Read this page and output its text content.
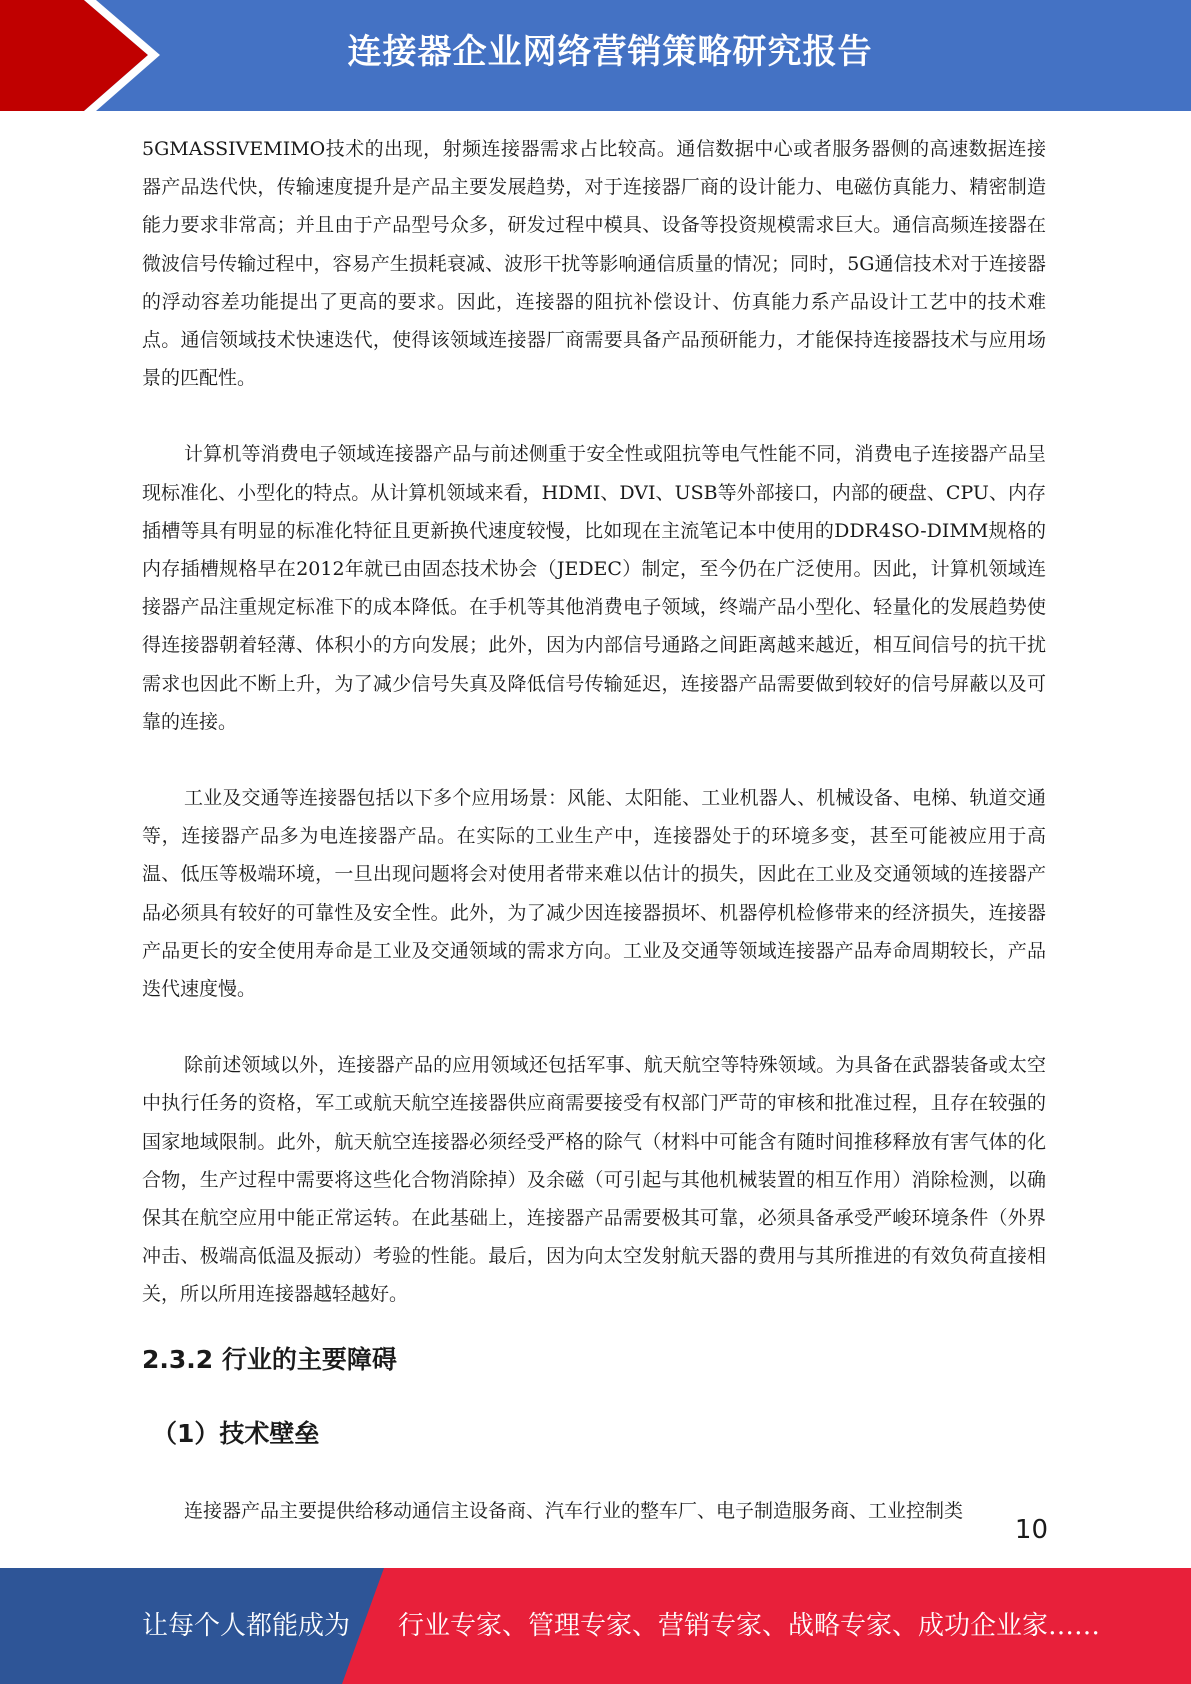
连接器企业网络营销策略研究报告

5GMASSIVEMIMO技术的出现，射频连接器需求占比较高。通信数据中心或者服务器侧的高速数据连接器产品迭代快，传输速度提升是产品主要发展趋势，对于连接器厂商的设计能力、电磁仿真能力、精密制造能力要求非常高；并且由于产品型号众多，研发过程中模具、设备等投资规模需求巨大。通信高频连接器在微波信号传输过程中，容易产生损耗衰减、波形干扰等影响通信质量的情况；同时，5G通信技术对于连接器的浮动容差功能提出了更高的要求。因此，连接器的阻抗补偿设计、仿真能力系产品设计工艺中的技术难点。通信领域技术快速迭代，使得该领域连接器厂商需要具备产品预研能力，才能保持连接器技术与应用场景的匹配性。

计算机等消费电子领域连接器产品与前述侧重于安全性或阻抗等电气性能不同，消费电子连接器产品呈现标准化、小型化的特点。从计算机领域来看，HDMI、DVI、USB等外部接口，内部的硬盘、CPU、内存插槽等具有明显的标准化特征且更新换代速度较慢，比如现在主流笔记本中使用的DDR4SO-DIMM规格的内存插槽规格早在2012年就已由固态技术协会（JEDEC）制定，至今仍在广泛使用。因此，计算机领域连接器产品注重规定标准下的成本降低。在手机等其他消费电子领域，终端产品小型化、轻量化的发展趋势使得连接器朝着轻薄、体积小的方向发展；此外，因为内部信号通路之间距离越来越近，相互间信号的抗干扰需求也因此不断上升，为了减少信号失真及降低信号传输延迟，连接器产品需要做到较好的信号屏蔽以及可靠的连接。

工业及交通等连接器包括以下多个应用场景：风能、太阳能、工业机器人、机械设备、电梯、轨道交通等，连接器产品多为电连接器产品。在实际的工业生产中，连接器处于的环境多变，甚至可能被应用于高温、低压等极端环境，一旦出现问题将会对使用者带来难以估计的损失，因此在工业及交通领域的连接器产品必须具有较好的可靠性及安全性。此外，为了减少因连接器损坏、机器停机检修带来的经济损失，连接器产品更长的安全使用寿命是工业及交通领域的需求方向。工业及交通等领域连接器产品寿命周期较长，产品迭代速度慢。

除前述领域以外，连接器产品的应用领域还包括军事、航天航空等特殊领域。为具备在武器装备或太空中执行任务的资格，军工或航天航空连接器供应商需要接受有权部门严苛的审核和批准过程，且存在较强的国家地域限制。此外，航天航空连接器必须经受严格的除气（材料中可能含有随时间推移释放有害气体的化合物，生产过程中需要将这些化合物消除掉）及余磁（可引起与其他机械装置的相互作用）消除检测，以确保其在航空应用中能正常运转。在此基础上，连接器产品需要极其可靠，必须具备承受严峻环境条件（外界冲击、极端高低温及振动）考验的性能。最后，因为向太空发射航天器的费用与其所推进的有效负荷直接相关，所以所用连接器越轻越好。

2.3.2 行业的主要障碍
（1）技术壁垒

连接器产品主要提供给移动通信主设备商、汽车行业的整车厂、电子制造服务商、工业控制类

10
让每个人都能成为 行业专家、管理专家、营销专家、战略专家、成功企业家……
